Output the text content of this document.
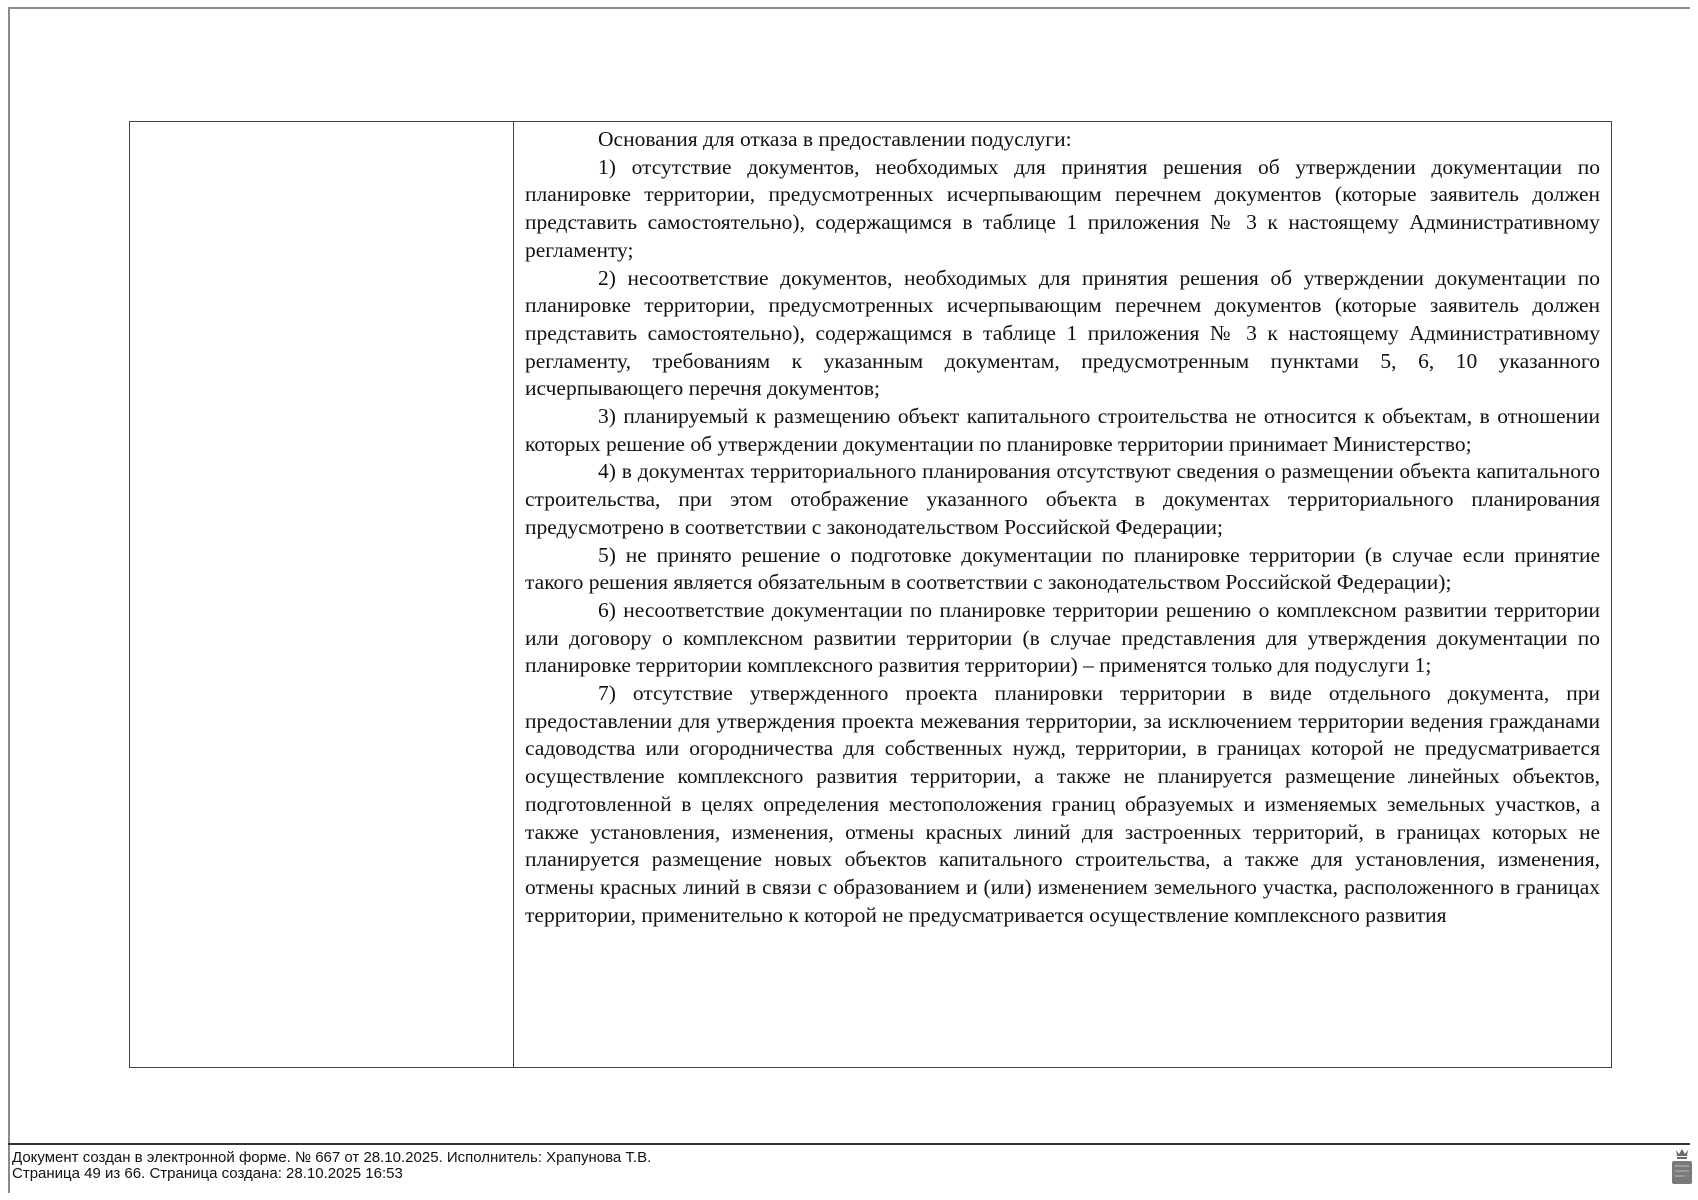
Основания для отказа в предоставлении подуслуги:

1) отсутствие документов, необходимых для принятия решения об утверждении документации по планировке территории, предусмотренных исчерпывающим перечнем документов (которые заявитель должен представить самостоятельно), содержащимся в таблице 1 приложения № 3 к настоящему Административному регламенту;

2) несоответствие документов, необходимых для принятия решения об утверждении документации по планировке территории, предусмотренных исчерпывающим перечнем документов (которые заявитель должен представить самостоятельно), содержащимся в таблице 1 приложения № 3 к настоящему Административному регламенту, требованиям к указанным документам, предусмотренным пунктами 5, 6, 10 указанного исчерпывающего перечня документов;

3) планируемый к размещению объект капитального строительства не относится к объектам, в отношении которых решение об утверждении документации по планировке территории принимает Министерство;

4) в документах территориального планирования отсутствуют сведения о размещении объекта капитального строительства, при этом отображение указанного объекта в документах территориального планирования предусмотрено в соответствии с законодательством Российской Федерации;

5) не принято решение о подготовке документации по планировке территории (в случае если принятие такого решения является обязательным в соответствии с законодательством Российской Федерации);

6) несоответствие документации по планировке территории решению о комплексном развитии территории или договору о комплексном развитии территории (в случае представления для утверждения документации по планировке территории комплексного развития территории) – применятся только для подуслуги 1;

7) отсутствие утвержденного проекта планировки территории в виде отдельного документа, при предоставлении для утверждения проекта межевания территории, за исключением территории ведения гражданами садоводства или огородничества для собственных нужд, территории, в границах которой не предусматривается осуществление комплексного развития территории, а также не планируется размещение линейных объектов, подготовленной в целях определения местоположения границ образуемых и изменяемых земельных участков, а также установления, изменения, отмены красных линий для застроенных территорий, в границах которых не планируется размещение новых объектов капитального строительства, а также для установления, изменения, отмены красных линий в связи с образованием и (или) изменением земельного участка, расположенного в границах территории, применительно к которой не предусматривается осуществление комплексного развития

Документ создан в электронной форме. № 667 от 28.10.2025. Исполнитель: Храпунова Т.В.
Страница 49 из 66. Страница создана: 28.10.2025 16:53
